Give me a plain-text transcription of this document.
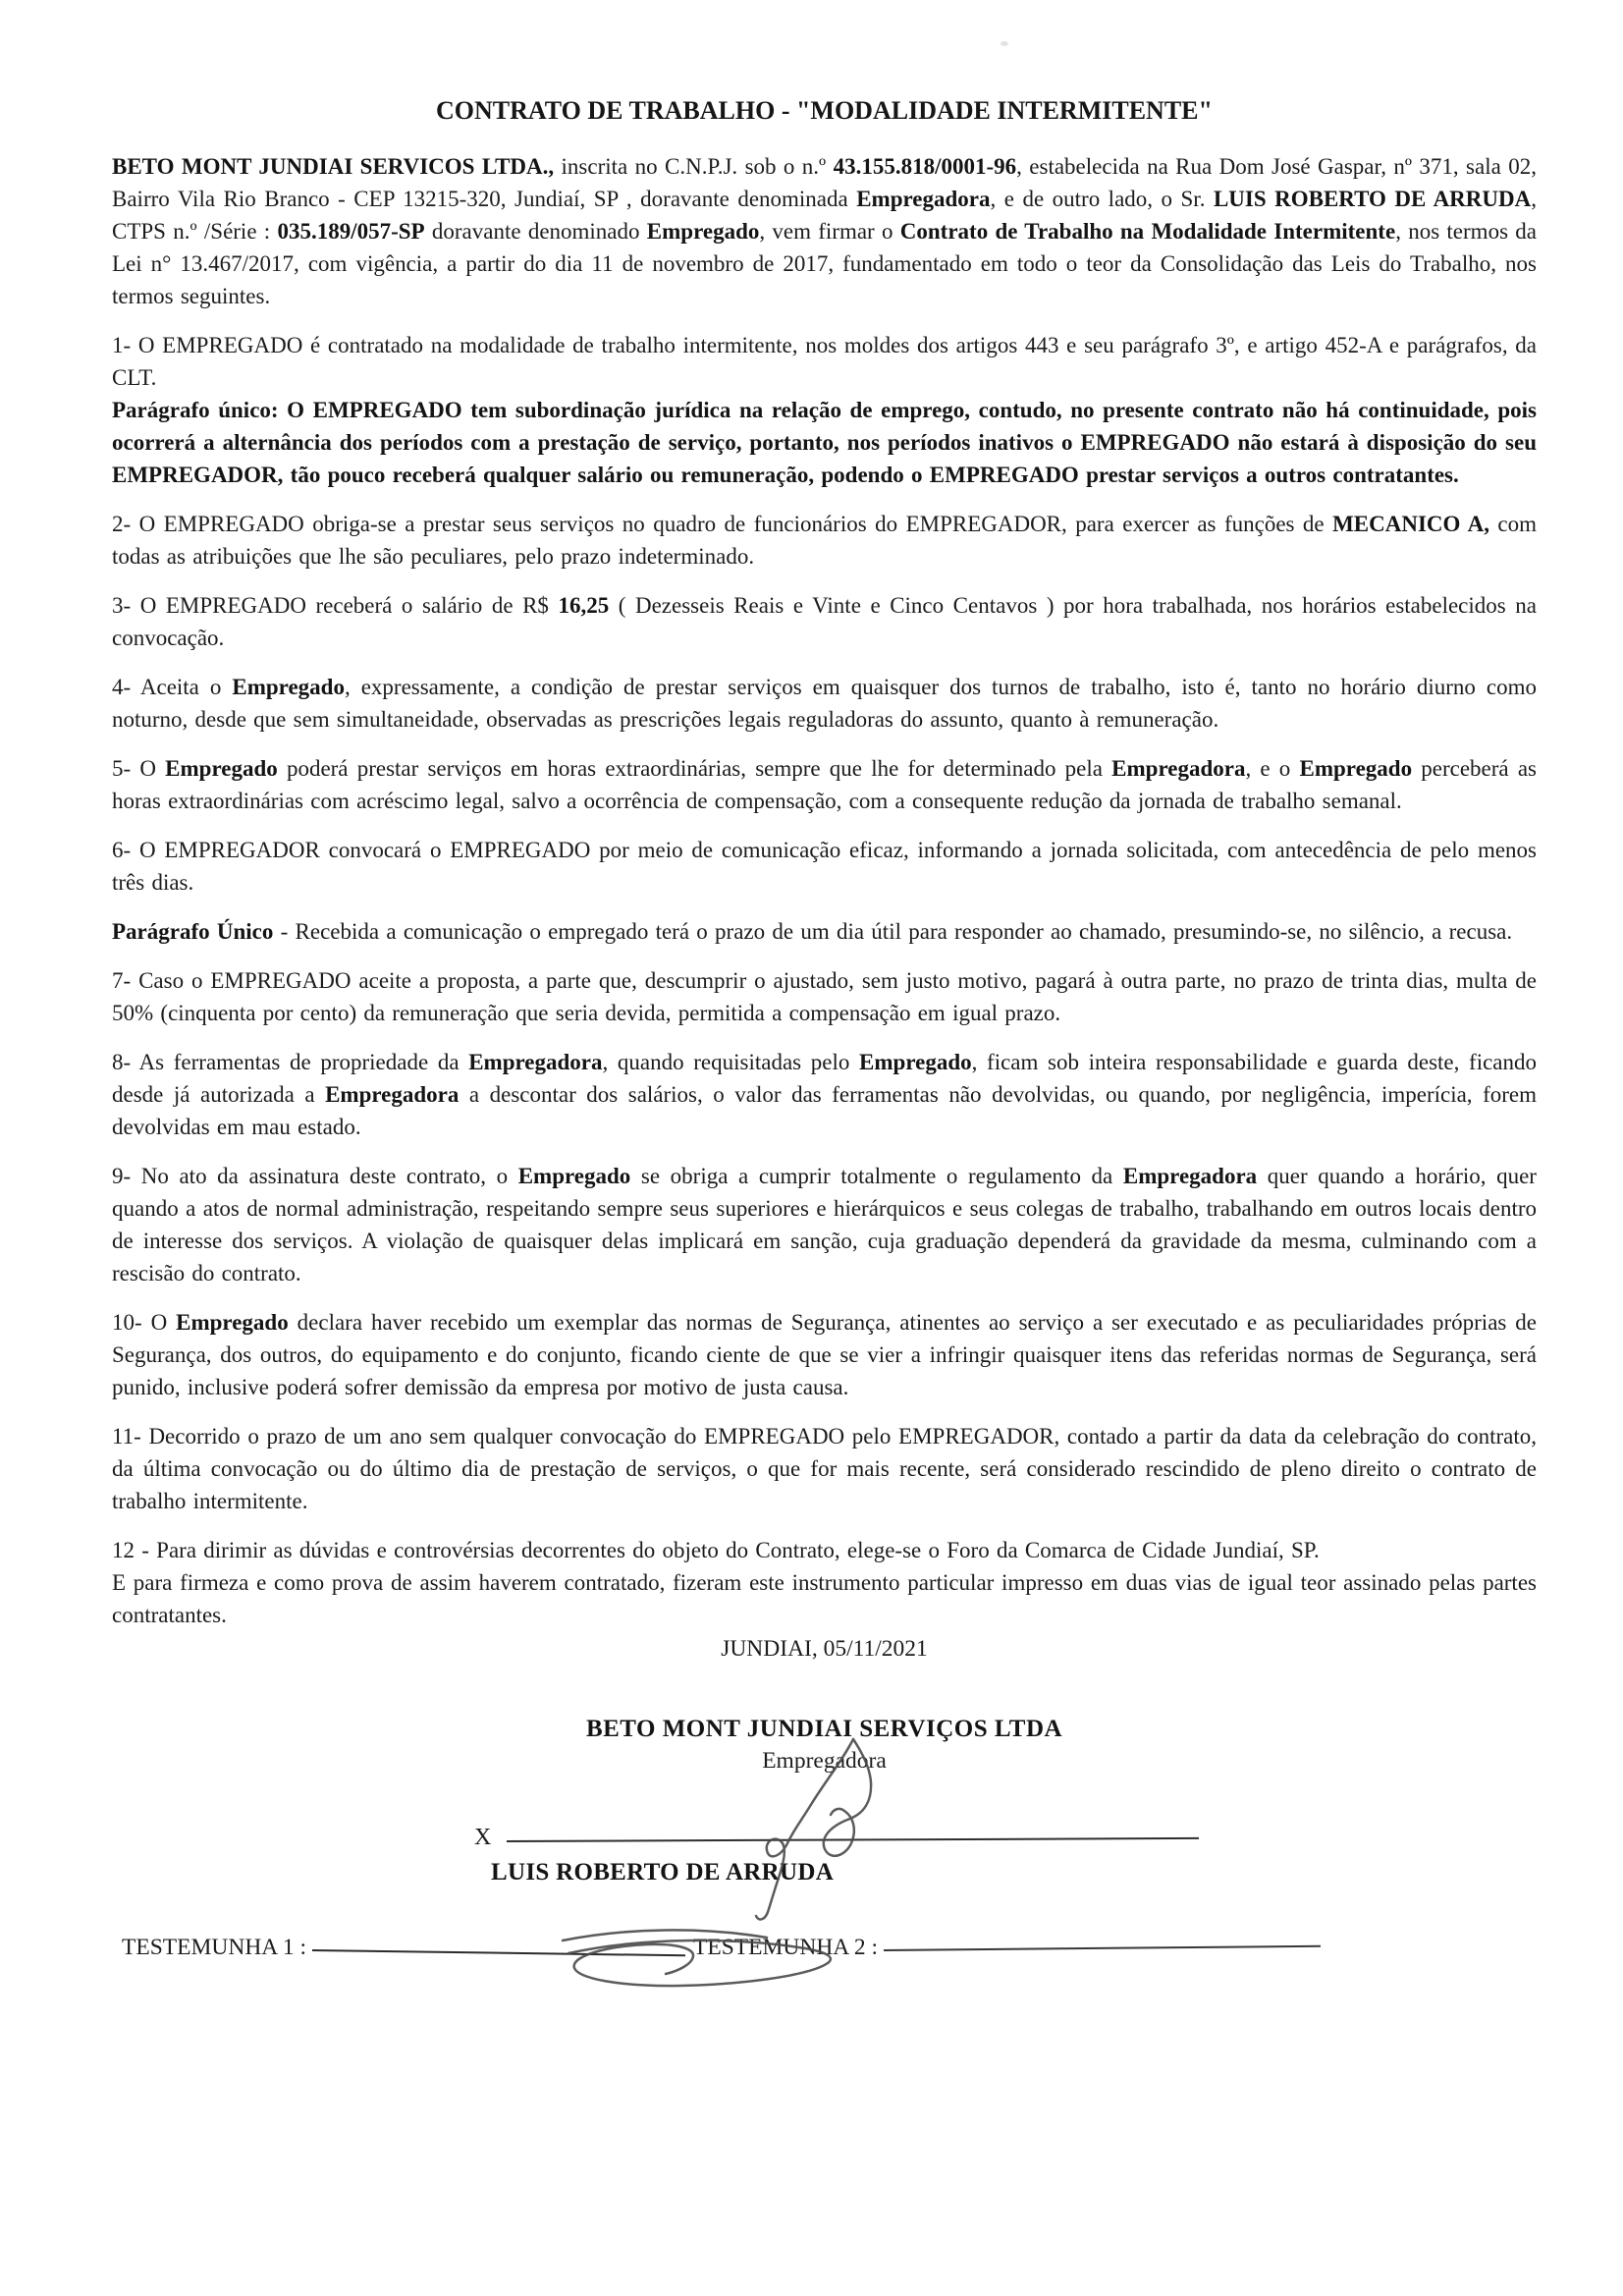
CONTRATO DE TRABALHO - "MODALIDADE INTERMITENTE"

BETO MONT JUNDIAI SERVICOS LTDA., inscrita no C.N.P.J. sob o n.º 43.155.818/0001-96, estabelecida na Rua Dom José Gaspar, nº 371, sala 02, Bairro Vila Rio Branco - CEP 13215-320, Jundiaí, SP , doravante denominada Empregadora, e de outro lado, o Sr. LUIS ROBERTO DE ARRUDA, CTPS n.º /Série : 035.189/057-SP doravante denominado Empregado, vem firmar o Contrato de Trabalho na Modalidade Intermitente, nos termos da Lei n° 13.467/2017, com vigência, a partir do dia 11 de novembro de 2017, fundamentado em todo o teor da Consolidação das Leis do Trabalho, nos termos seguintes.

1- O EMPREGADO é contratado na modalidade de trabalho intermitente, nos moldes dos artigos 443 e seu parágrafo 3º, e artigo 452-A e parágrafos, da CLT.

Parágrafo único: O EMPREGADO tem subordinação jurídica na relação de emprego, contudo, no presente contrato não há continuidade, pois ocorrerá a alternância dos períodos com a prestação de serviço, portanto, nos períodos inativos o EMPREGADO não estará à disposição do seu EMPREGADOR, tão pouco receberá qualquer salário ou remuneração, podendo o EMPREGADO prestar serviços a outros contratantes.

2- O EMPREGADO obriga-se a prestar seus serviços no quadro de funcionários do EMPREGADOR, para exercer as funções de MECANICO A, com todas as atribuições que lhe são peculiares, pelo prazo indeterminado.

3- O EMPREGADO receberá o salário de R$ 16,25 ( Dezesseis Reais e Vinte e Cinco Centavos ) por hora trabalhada, nos horários estabelecidos na convocação.

4- Aceita o Empregado, expressamente, a condição de prestar serviços em quaisquer dos turnos de trabalho, isto é, tanto no horário diurno como noturno, desde que sem simultaneidade, observadas as prescrições legais reguladoras do assunto, quanto à remuneração.

5- O Empregado poderá prestar serviços em horas extraordinárias, sempre que lhe for determinado pela Empregadora, e o Empregado perceberá as horas extraordinárias com acréscimo legal, salvo a ocorrência de compensação, com a consequente redução da jornada de trabalho semanal.

6- O EMPREGADOR convocará o EMPREGADO por meio de comunicação eficaz, informando a jornada solicitada, com antecedência de pelo menos três dias.

Parágrafo Único - Recebida a comunicação o empregado terá o prazo de um dia útil para responder ao chamado, presumindo-se, no silêncio, a recusa.

7- Caso o EMPREGADO aceite a proposta, a parte que, descumprir o ajustado, sem justo motivo, pagará à outra parte, no prazo de trinta dias, multa de 50% (cinquenta por cento) da remuneração que seria devida, permitida a compensação em igual prazo.

8- As ferramentas de propriedade da Empregadora, quando requisitadas pelo Empregado, ficam sob inteira responsabilidade e guarda deste, ficando desde já autorizada a Empregadora a descontar dos salários, o valor das ferramentas não devolvidas, ou quando, por negligência, imperícia, forem devolvidas em mau estado.

9- No ato da assinatura deste contrato, o Empregado se obriga a cumprir totalmente o regulamento da Empregadora quer quando a horário, quer quando a atos de normal administração, respeitando sempre seus superiores e hierárquicos e seus colegas de trabalho, trabalhando em outros locais dentro de interesse dos serviços. A violação de quaisquer delas implicará em sanção, cuja graduação dependerá da gravidade da mesma, culminando com a rescisão do contrato.

10- O Empregado declara haver recebido um exemplar das normas de Segurança, atinentes ao serviço a ser executado e as peculiaridades próprias de Segurança, dos outros, do equipamento e do conjunto, ficando ciente de que se vier a infringir quaisquer itens das referidas normas de Segurança, será punido, inclusive poderá sofrer demissão da empresa por motivo de justa causa.

11- Decorrido o prazo de um ano sem qualquer convocação do EMPREGADO pelo EMPREGADOR, contado a partir da data da celebração do contrato, da última convocação ou do último dia de prestação de serviços, o que for mais recente, será considerado rescindido de pleno direito o contrato de trabalho intermitente.

12 - Para dirimir as dúvidas e controvérsias decorrentes do objeto do Contrato, elege-se o Foro da Comarca de Cidade Jundiaí, SP.

E para firmeza e como prova de assim haverem contratado, fizeram este instrumento particular impresso em duas vias de igual teor assinado pelas partes contratantes.

JUNDIAI, 05/11/2021
BETO MONT JUNDIAI SERVIÇOS LTDA
Empregadora
X
LUIS ROBERTO DE ARRUDA
TESTEMUNHA 1 :	TESTEMUNHA 2 :
